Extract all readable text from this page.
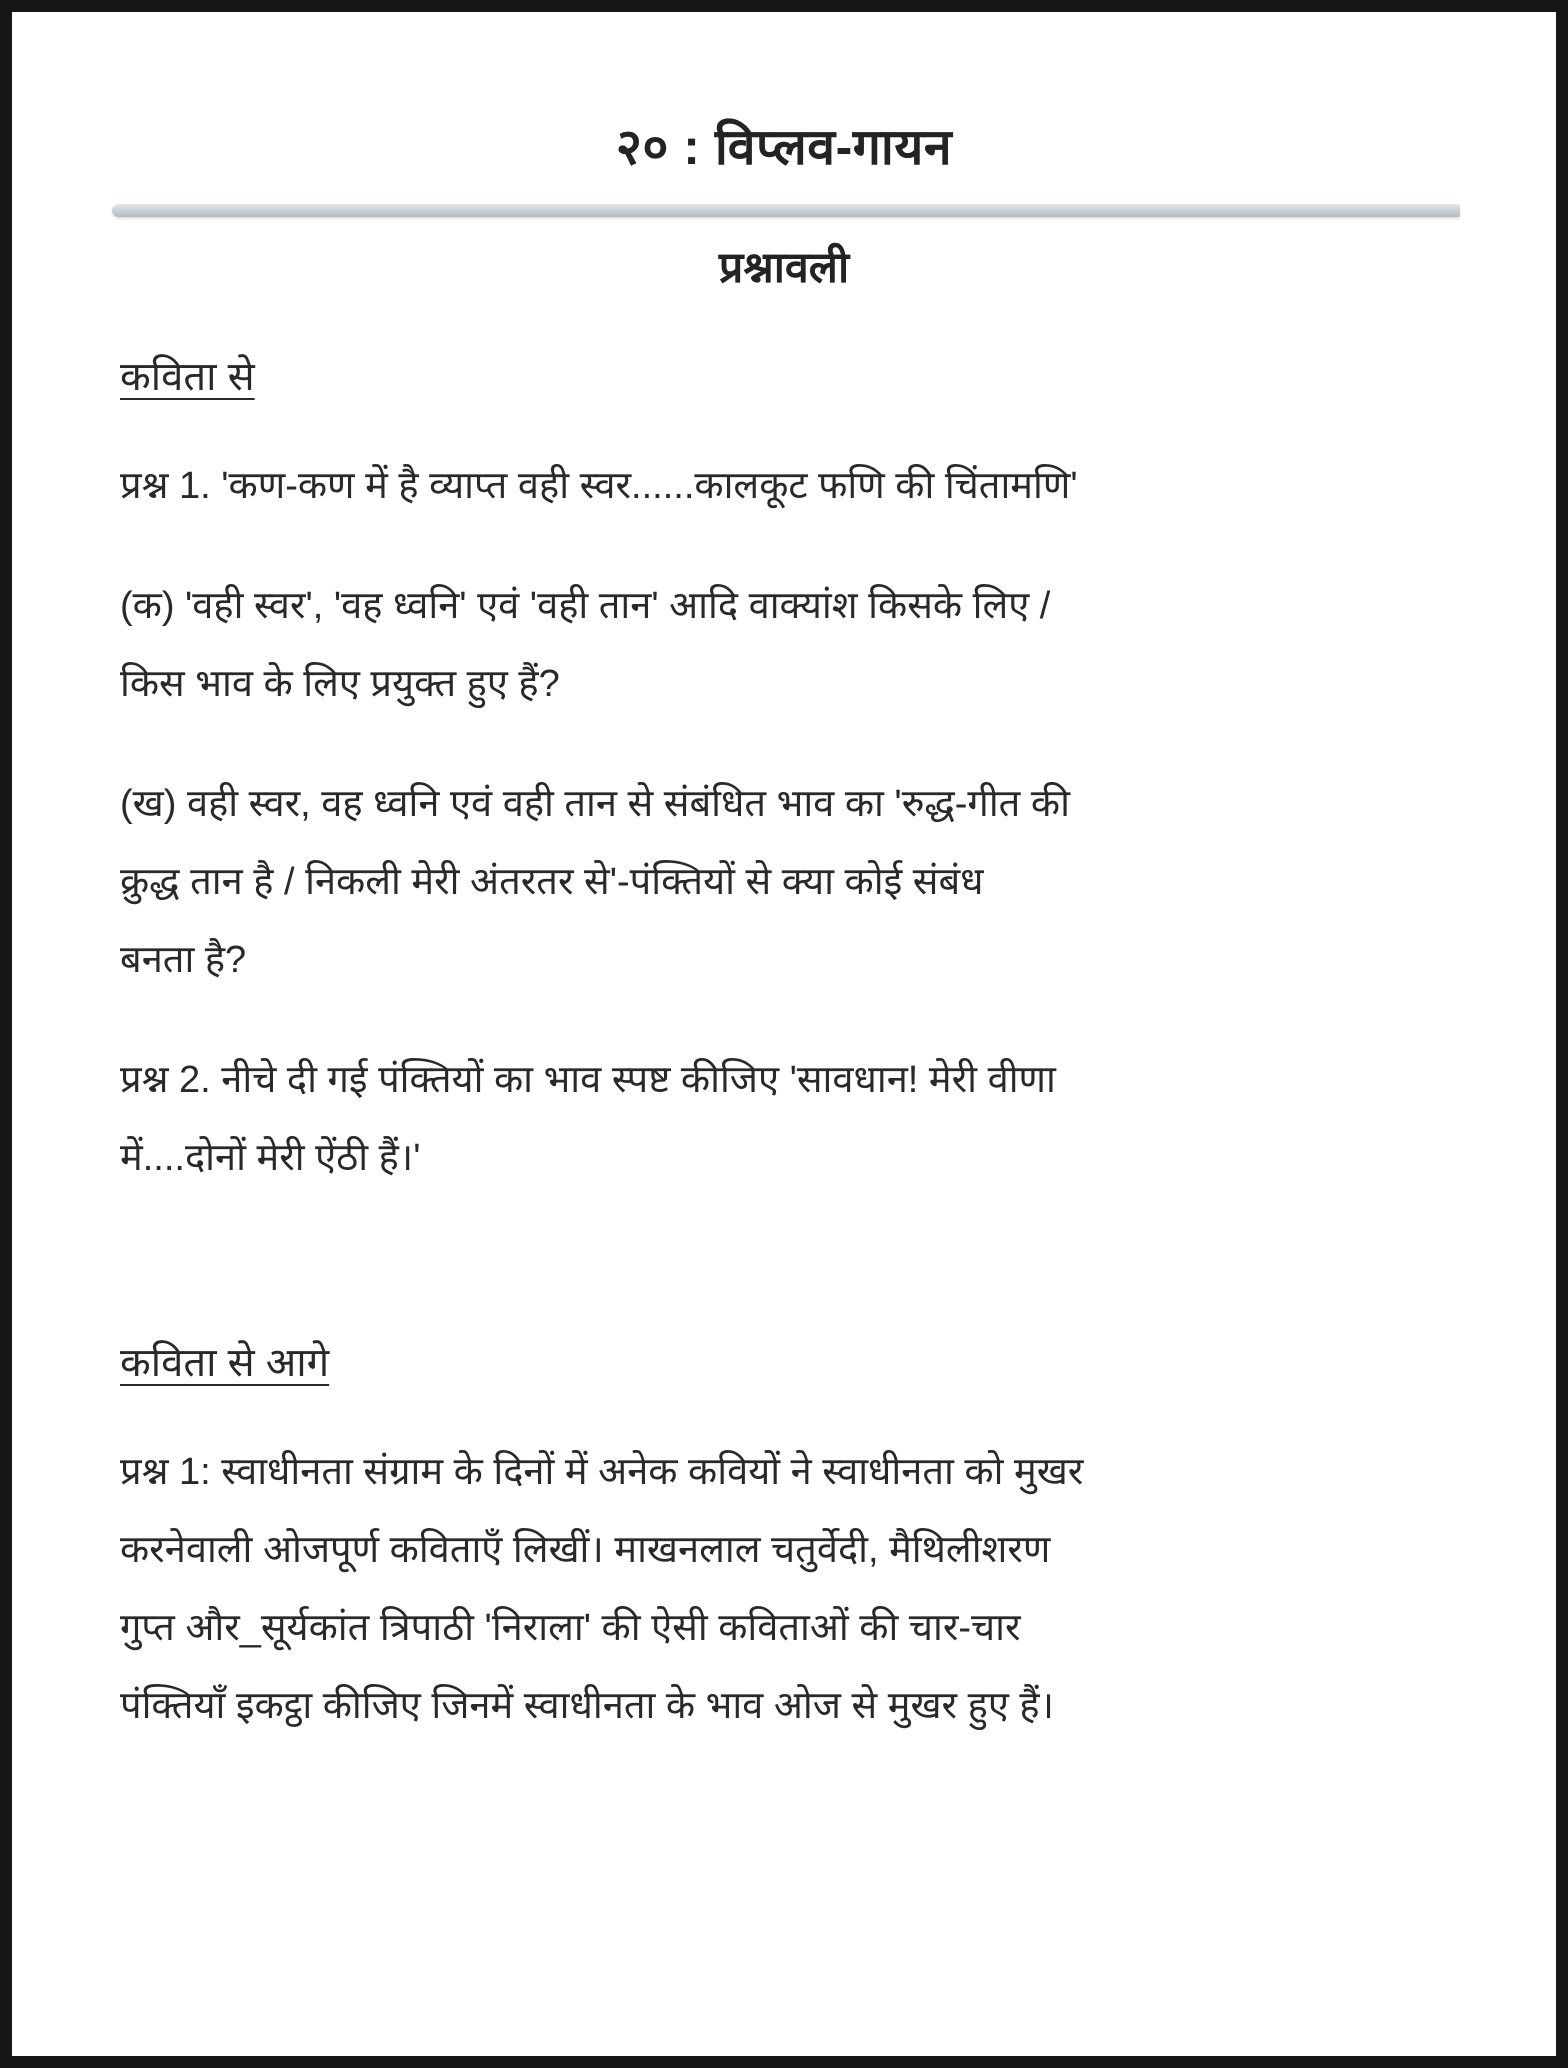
२० : विप्लव-गायन
प्रश्नावली
कविता से

प्रश्न 1. 'कण-कण में है व्याप्त वही स्वर......कालकूट फणि की चिंतामणि'

(क) 'वही स्वर', 'वह ध्वनि' एवं 'वही तान' आदि वाक्यांश किसके लिए /
किस भाव के लिए प्रयुक्त हुए हैं?

(ख) वही स्वर, वह ध्वनि एवं वही तान से संबंधित भाव का 'रुद्ध-गीत की
क्रुद्ध तान है / निकली मेरी अंतरतर से'-पंक्तियों से क्या कोई संबंध
बनता है?

प्रश्न 2. नीचे दी गई पंक्तियों का भाव स्पष्ट कीजिए 'सावधान! मेरी वीणा
में....दोनों मेरी ऐंठी हैं।'

कविता से आगे

प्रश्न 1: स्वाधीनता संग्राम के दिनों में अनेक कवियों ने स्वाधीनता को मुखर
करनेवाली ओजपूर्ण कविताएँ लिखीं। माखनलाल चतुर्वेदी, मैथिलीशरण
गुप्त और_सूर्यकांत त्रिपाठी 'निराला' की ऐसी कविताओं की चार-चार
पंक्तियाँ इकट्ठा कीजिए जिनमें स्वाधीनता के भाव ओज से मुखर हुए हैं।
